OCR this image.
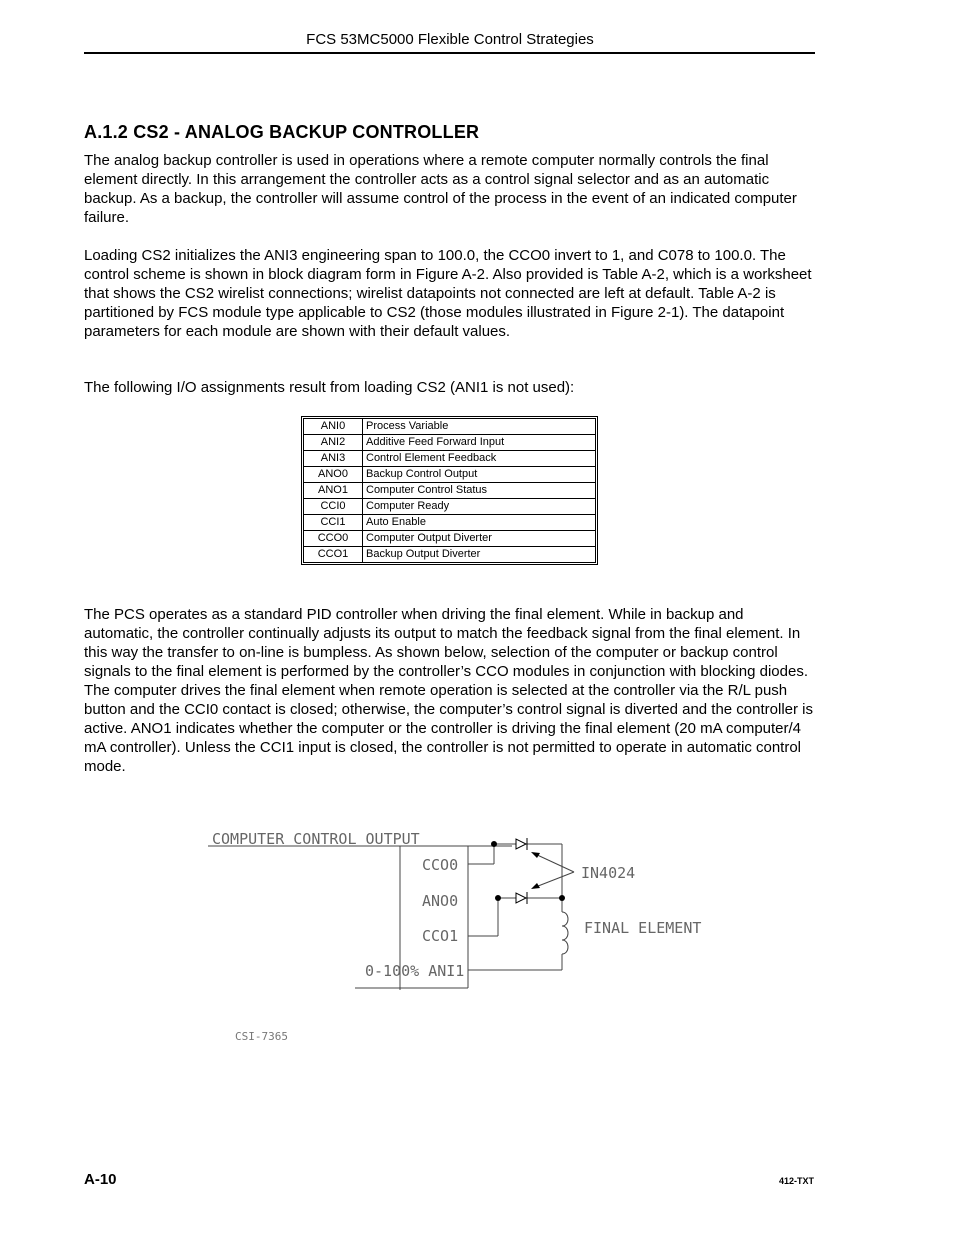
FCS 53MC5000 Flexible Control Strategies
A.1.2 CS2 - ANALOG BACKUP CONTROLLER

The analog backup controller is used in operations where a remote computer normally controls the final element directly. In this arrangement the controller acts as a control signal selector and as an automatic backup. As a backup, the controller will assume control of the process in the event of an indicated computer failure.

Loading CS2 initializes the ANI3 engineering span to 100.0, the CCO0 invert to 1, and C078 to 100.0. The control scheme is shown in block diagram form in Figure A-2. Also provided is Table A-2, which is a worksheet that shows the CS2 wirelist connections; wirelist datapoints not connected are left at default. Table A-2 is partitioned by FCS module type applicable to CS2 (those modules illustrated in Figure 2-1). The datapoint parameters for each module are shown with their default values.

The following I/O assignments result from loading CS2 (ANI1 is not used):

ANI0	Process Variable
ANI2	Additive Feed Forward Input
ANI3	Control Element Feedback
ANO0	Backup Control Output
ANO1	Computer Control Status
CCI0	Computer Ready
CCI1	Auto Enable
CCO0	Computer Output Diverter
CCO1	Backup Output Diverter

The PCS operates as a standard PID controller when driving the final element. While in backup and automatic, the controller continually adjusts its output to match the feedback signal from the final element. In this way the transfer to on-line is bumpless. As shown below, selection of the computer or backup control signals to the final element is performed by the controller’s CCO modules in conjunction with blocking diodes. The computer drives the final element when remote operation is selected at the controller via the R/L push button and the CCI0 contact is closed; otherwise, the computer’s control signal is diverted and the controller is active. ANO1 indicates whether the computer or the controller is driving the final element (20 mA computer/4 mA controller). Unless the CCI1 input is closed, the controller is not permitted to operate in automatic control mode.

COMPUTER CONTROL OUTPUT
CCO0
ANO0
CCO1
0-100% ANI1
IN4024
FINAL ELEMENT
CSI-7365
A-10	412-TXT
